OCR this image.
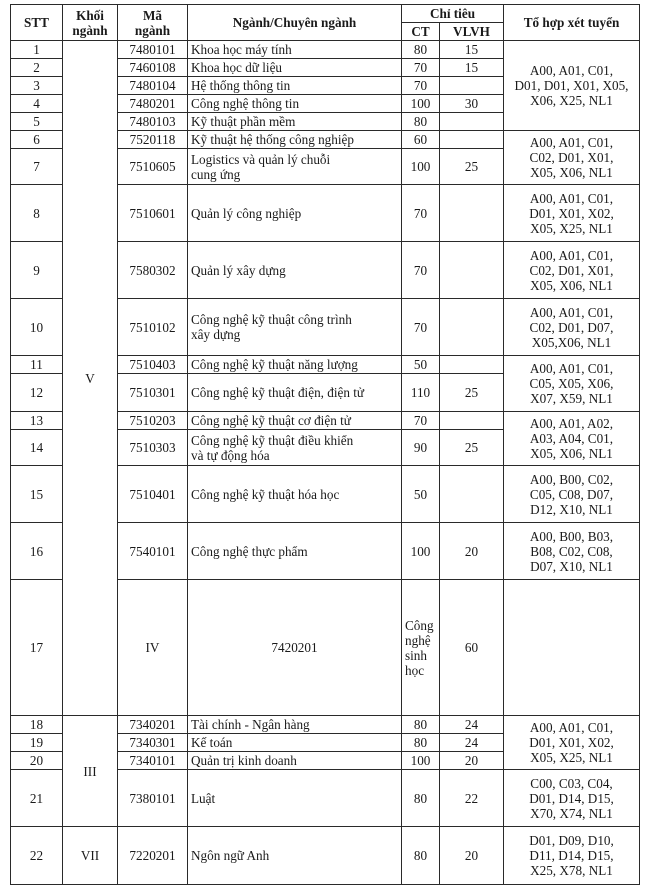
STT	Khối
ngành	Mã
ngành	Ngành/Chuyên ngành	Chỉ tiêu		Tổ hợp xét tuyển	
				CT	VLVH		
1	V	7480101	Khoa học máy tính	80	15	A00, A01, C01,
D01, D01, X01, X05,
X06, X25, NL1	

2		7460108	Khoa học dữ liệu	70	15		
3		7480104	Hệ thống thông tin	70			
4		7480201	Công nghệ thông tin	100	30		
5		7480103	Kỹ thuật phần mềm	80			
6		7520118	Kỹ thuật hệ thống công nghiệp	60		A00, A01, C01,
C02, D01, X01,
X05, X06, NL1	

7		7510605	Logistics và quản lý chuỗi
cung ứng	100	25		
8		7510601	Quản lý công nghiệp	70		A00, A01, C01,
D01, X01, X02,
X05, X25, NL1	

9		7580302	Quản lý xây dựng	70		A00, A01, C01,
C02, D01, X01,
X05, X06, NL1	

10		7510102	Công nghệ kỹ thuật công trình
xây dựng	70		A00, A01, C01,
C02, D01, D07,
X05,X06, NL1	

11		7510403	Công nghệ kỹ thuật năng lượng	50		A00, A01, C01,
C05, X05, X06,
X07, X59, NL1	

12		7510301	Công nghệ kỹ thuật điện, điện tử	110	25		
13		7510203	Công nghệ kỹ thuật cơ điện tử	70		A00, A01, A02,
A03, A04, C01,
X05, X06, NL1	

14		7510303	Công nghệ kỹ thuật điều khiển
và tự động hóa	90	25		
15		7510401	Công nghệ kỹ thuật hóa học	50		A00, B00, C02,
C05, C08, D07,
D12, X10, NL1	

16		7540101	Công nghệ thực phẩm	100	20	A00, B00, B03,
B08, C02, C08,
D07, X10, NL1	

17		IV	7420201	Công nghệ sinh học	60		

18	III	7340201	Tài chính - Ngân hàng	80	24	A00, A01, C01,
D01, X01, X02,
X05, X25, NL1	

19		7340301	Kế toán	80	24		
20		7340101	Quản trị kinh doanh	100	20		
21		7380101	Luật	80	22	C00, C03, C04,
D01, D14, D15,
X70, X74, NL1	

22	VII	7220201	Ngôn ngữ Anh	80	20	D01, D09, D10,
D11, D14, D15,
X25, X78, NL1	
